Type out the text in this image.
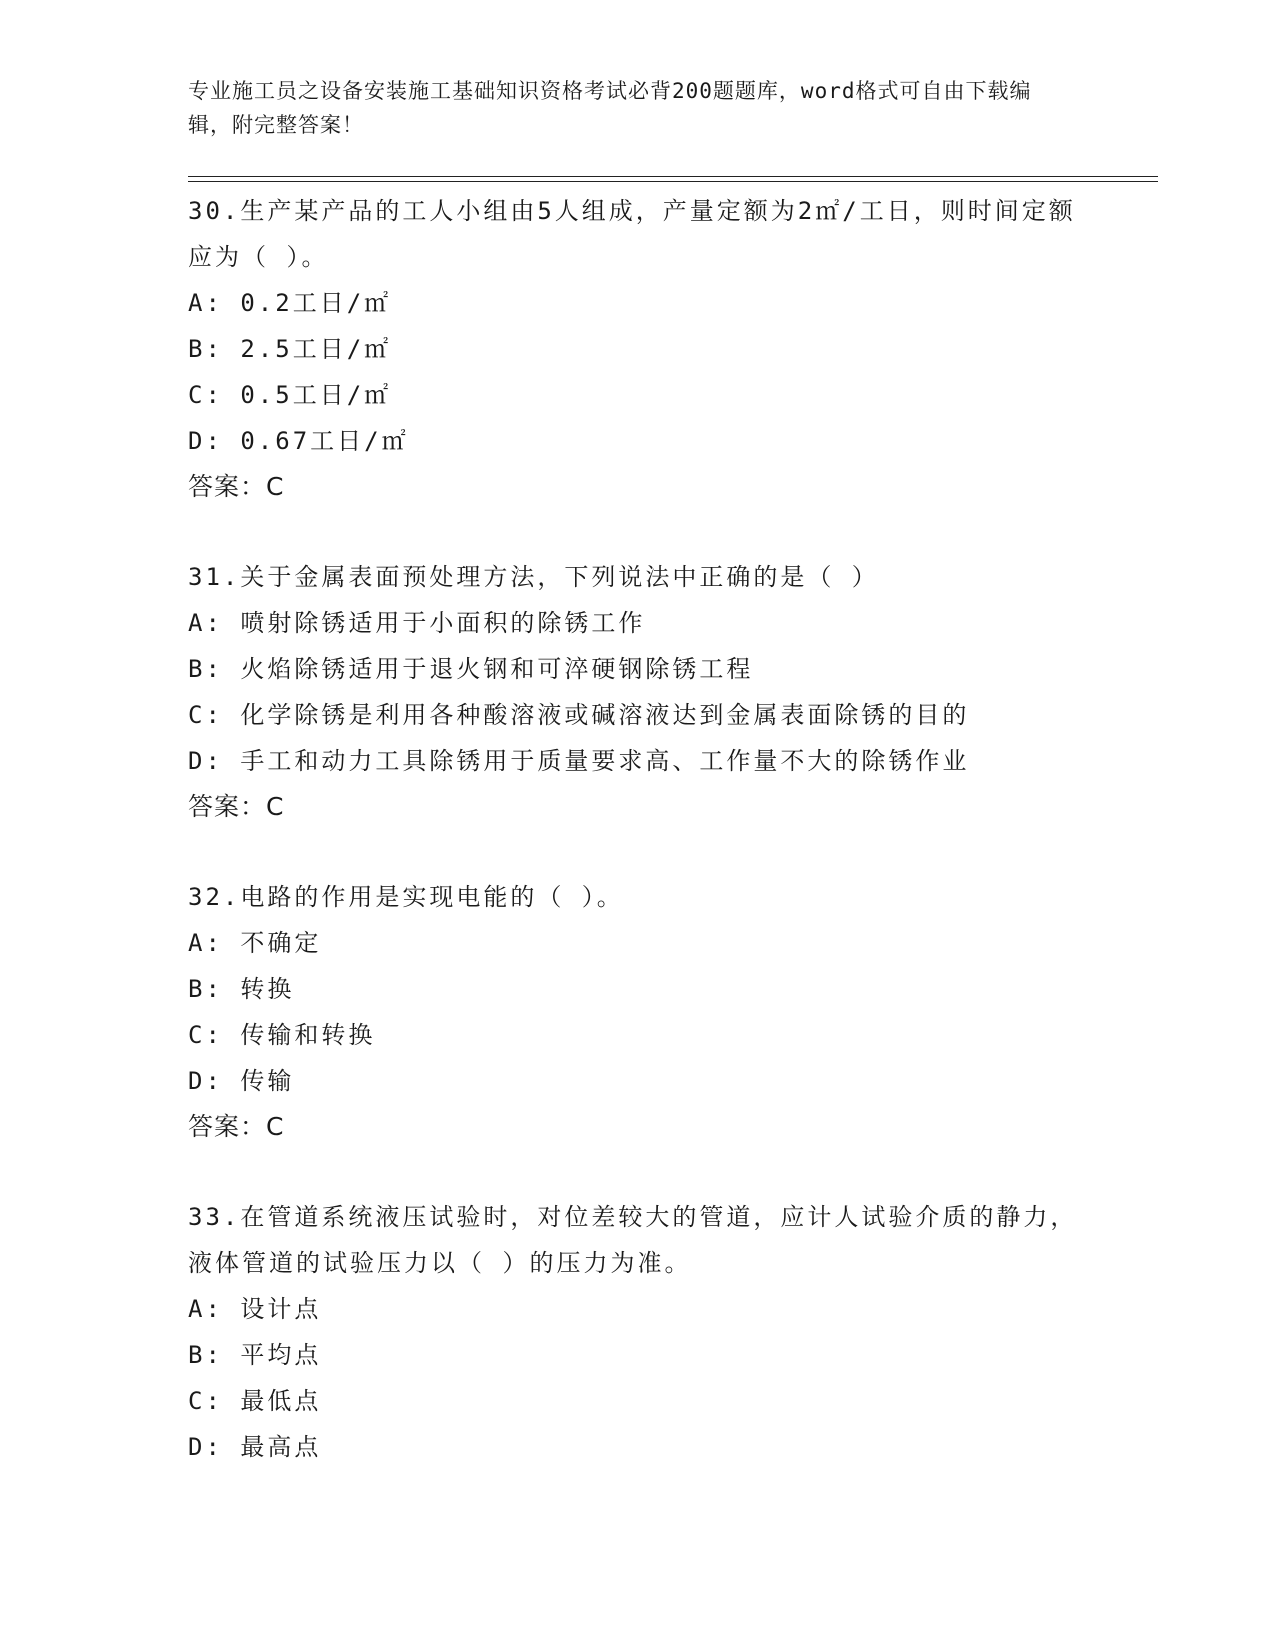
专业施工员之设备安装施工基础知识资格考试必背200题题库，word格式可自由下载编辑，附完整答案！
30.生产某产品的工人小组由5人组成，产量定额为2㎡/工日，则时间定额应为（ ）。
A: 0.2工日/㎡
B: 2.5工日/㎡
C: 0.5工日/㎡
D: 0.67工日/㎡
答案：C
31.关于金属表面预处理方法，下列说法中正确的是（ ）
A: 喷射除锈适用于小面积的除锈工作
B: 火焰除锈适用于退火钢和可淬硬钢除锈工程
C: 化学除锈是利用各种酸溶液或碱溶液达到金属表面除锈的目的
D: 手工和动力工具除锈用于质量要求高、工作量不大的除锈作业
答案：C
32.电路的作用是实现电能的（ ）。
A: 不确定
B: 转换
C: 传输和转换
D: 传输
答案：C
33.在管道系统液压试验时，对位差较大的管道，应计人试验介质的静力，液体管道的试验压力以（ ）的压力为准。
A: 设计点
B: 平均点
C: 最低点
D: 最高点
